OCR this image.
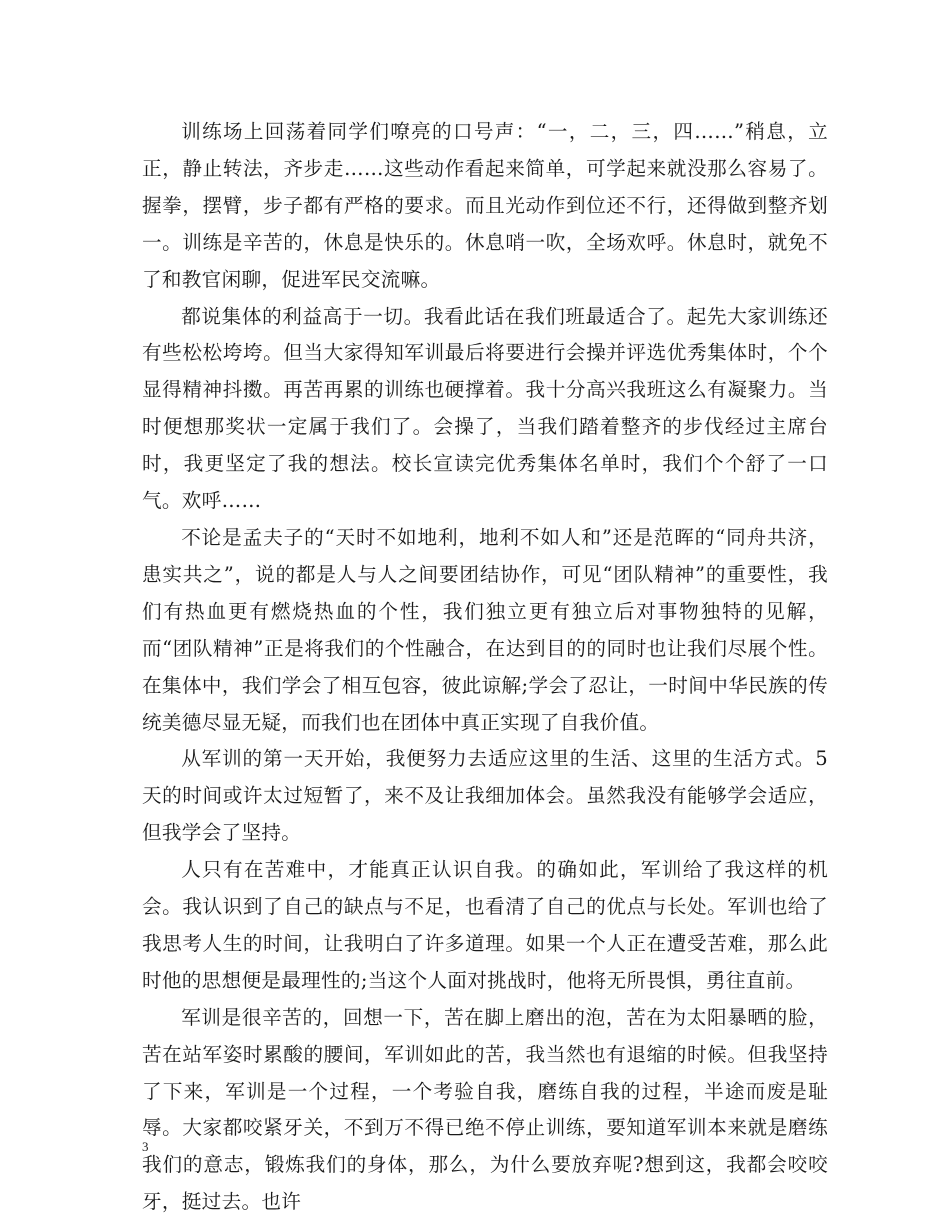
训练场上回荡着同学们嘹亮的口号声：“一，二，三，四……”稍息，立正，静止转法，齐步走……这些动作看起来简单，可学起来就没那么容易了。握拳，摆臂，步子都有严格的要求。而且光动作到位还不行，还得做到整齐划一。训练是辛苦的，休息是快乐的。休息哨一吹，全场欢呼。休息时，就免不了和教官闲聊，促进军民交流嘛。

都说集体的利益高于一切。我看此话在我们班最适合了。起先大家训练还有些松松垮垮。但当大家得知军训最后将要进行会操并评选优秀集体时，个个显得精神抖擞。再苦再累的训练也硬撑着。我十分高兴我班这么有凝聚力。当时便想那奖状一定属于我们了。会操了，当我们踏着整齐的步伐经过主席台时，我更坚定了我的想法。校长宣读完优秀集体名单时，我们个个舒了一口气。欢呼……

不论是孟夫子的“天时不如地利，地利不如人和”还是范晖的“同舟共济，患实共之”，说的都是人与人之间要团结协作，可见“团队精神”的重要性，我们有热血更有燃烧热血的个性，我们独立更有独立后对事物独特的见解，而“团队精神”正是将我们的个性融合，在达到目的的同时也让我们尽展个性。在集体中，我们学会了相互包容，彼此谅解;学会了忍让，一时间中华民族的传统美德尽显无疑，而我们也在团体中真正实现了自我价值。

从军训的第一天开始，我便努力去适应这里的生活、这里的生活方式。5天的时间或许太过短暂了，来不及让我细加体会。虽然我没有能够学会适应，但我学会了坚持。

人只有在苦难中，才能真正认识自我。的确如此，军训给了我这样的机会。我认识到了自己的缺点与不足，也看清了自己的优点与长处。军训也给了我思考人生的时间，让我明白了许多道理。如果一个人正在遭受苦难，那么此时他的思想便是最理性的;当这个人面对挑战时，他将无所畏惧，勇往直前。

军训是很辛苦的，回想一下，苦在脚上磨出的泡，苦在为太阳暴晒的脸，苦在站军姿时累酸的腰间，军训如此的苦，我当然也有退缩的时候。但我坚持了下来，军训是一个过程，一个考验自我，磨练自我的过程，半途而废是耻辱。大家都咬紧牙关，不到万不得已绝不停止训练，要知道军训本来就是磨练我们的意志，锻炼我们的身体，那么，为什么要放弃呢?想到这，我都会咬咬牙，挺过去。也许

3
